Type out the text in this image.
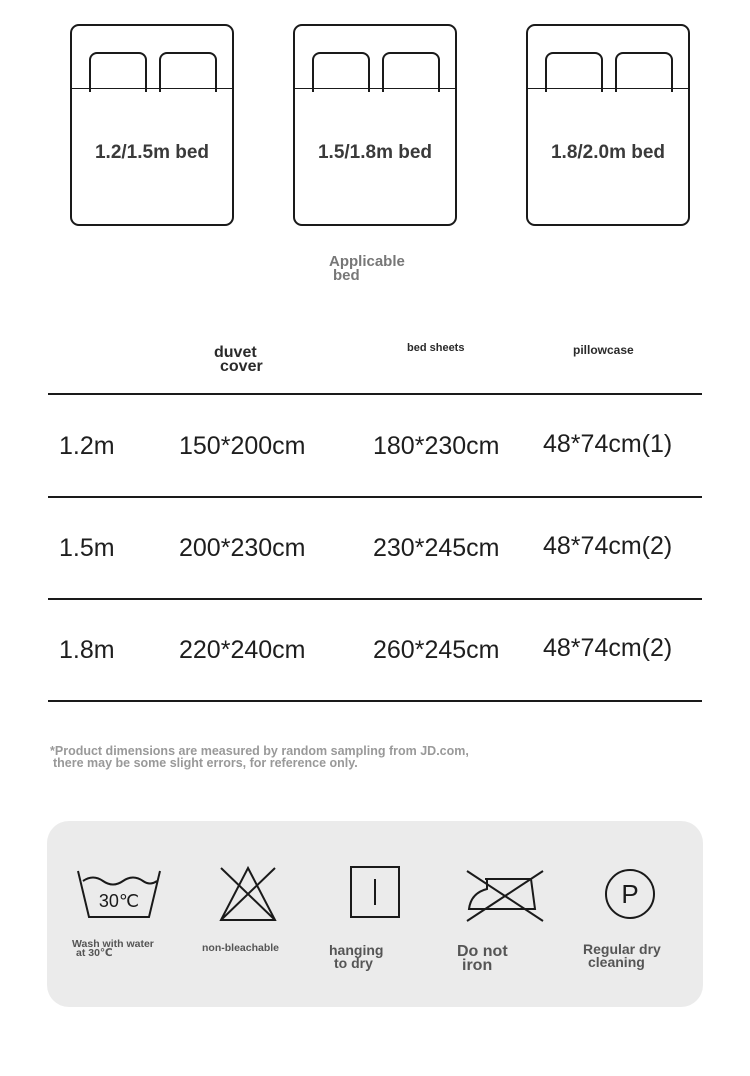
1.2/1.5m bed	1.5/1.8m bed	1.8/2.0m bed
Applicable
bed
duvet
cover
bed sheets	pillowcase
1.2m	150*200cm	180*230cm 48*74cm(1)
1.5m	200*230cm	230*245cm 48*74cm(2)
1.8m	220*240cm	260*245cm 48*74cm(2)
*Product dimensions are measured by random sampling from JD.com,
there may be some slight errors, for reference only.
30℃
Wash with water
at 30℃	non-bleachable	hanging
to dry
Do not
iron
P
Regular dry
cleaning
